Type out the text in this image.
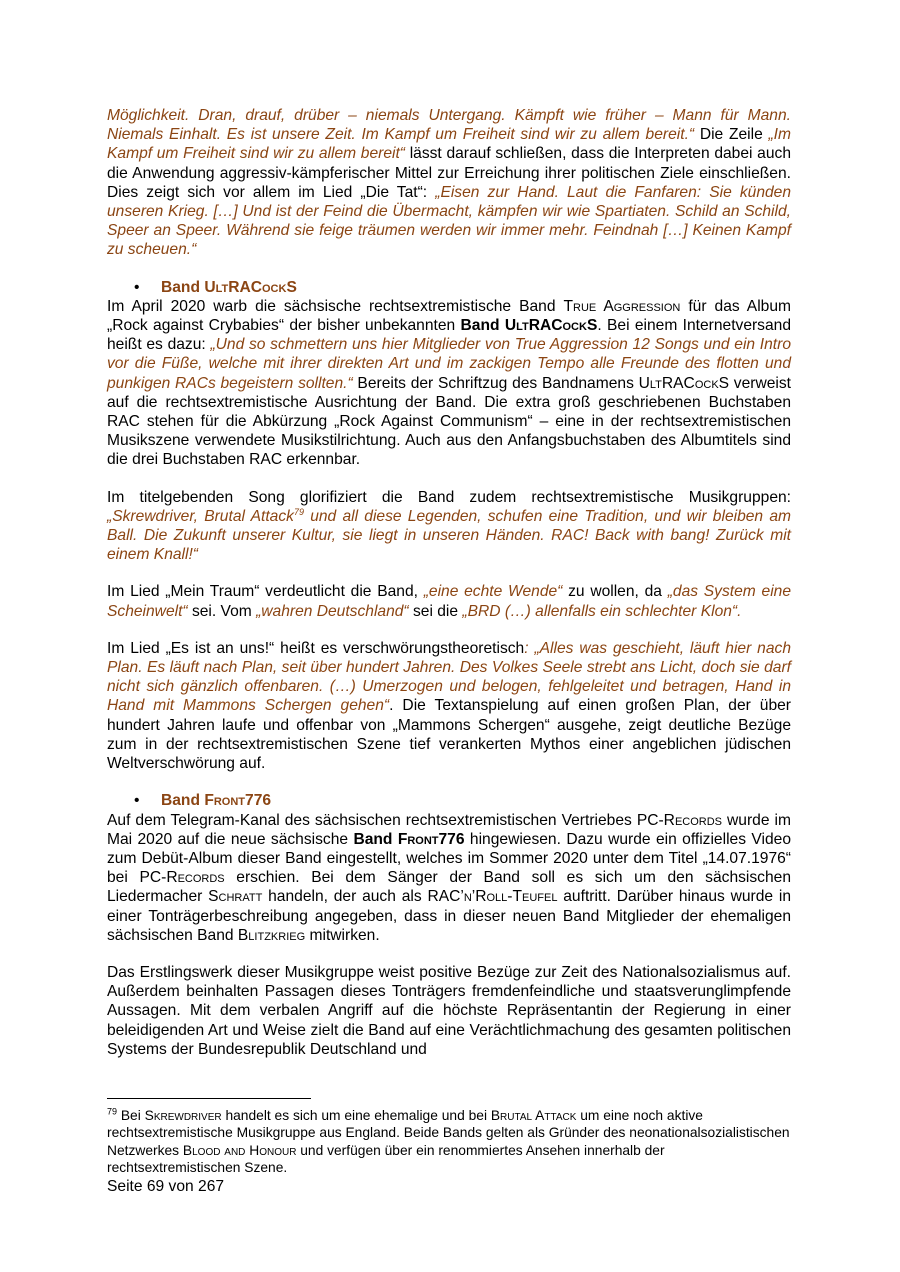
Möglichkeit. Dran, drauf, drüber – niemals Untergang. Kämpft wie früher – Mann für Mann. Niemals Einhalt. Es ist unsere Zeit. Im Kampf um Freiheit sind wir zu allem bereit.“ Die Zeile „Im Kampf um Freiheit sind wir zu allem bereit“ lässt darauf schließen, dass die Interpreten dabei auch die Anwendung aggressiv-kämpferischer Mittel zur Erreichung ihrer politischen Ziele einschließen. Dies zeigt sich vor allem im Lied „Die Tat“: „Eisen zur Hand. Laut die Fanfaren: Sie künden unseren Krieg. […] Und ist der Feind die Übermacht, kämpfen wir wie Spartiaten. Schild an Schild, Speer an Speer. Während sie feige träumen werden wir immer mehr. Feindnah […] Keinen Kampf zu scheuen.“

• Band UltRACockS

Im April 2020 warb die sächsische rechtsextremistische Band True Aggression für das Album „Rock against Crybabies“ der bisher unbekannten Band UltRACockS. Bei einem Internetversand heißt es dazu: „Und so schmettern uns hier Mitglieder von True Aggression 12 Songs und ein Intro vor die Füße, welche mit ihrer direkten Art und im zackigen Tempo alle Freunde des flotten und punkigen RACs begeistern sollten.“ Bereits der Schriftzug des Bandnamens UltRACockS verweist auf die rechtsextremistische Ausrichtung der Band. Die extra groß geschriebenen Buchstaben RAC stehen für die Abkürzung „Rock Against Communism“ – eine in der rechtsextremistischen Musikszene verwendete Musikstilrichtung. Auch aus den Anfangsbuchstaben des Albumtitels sind die drei Buchstaben RAC erkennbar.

Im titelgebenden Song glorifiziert die Band zudem rechtsextremistische Musikgruppen: „Skrewdriver, Brutal Attack$^{79}$ und all diese Legenden, schufen eine Tradition, und wir bleiben am Ball. Die Zukunft unserer Kultur, sie liegt in unseren Händen. RAC! Back with bang! Zurück mit einem Knall!“

Im Lied „Mein Traum“ verdeutlicht die Band, „eine echte Wende“ zu wollen, da „das System eine Scheinwelt“ sei. Vom „wahren Deutschland“ sei die „BRD (…) allenfalls ein schlechter Klon“.

Im Lied „Es ist an uns!“ heißt es verschwörungstheoretisch: „Alles was geschieht, läuft hier nach Plan. Es läuft nach Plan, seit über hundert Jahren. Des Volkes Seele strebt ans Licht, doch sie darf nicht sich gänzlich offenbaren. (…) Umerzogen und belogen, fehlgeleitet und betragen, Hand in Hand mit Mammons Schergen gehen“. Die Textanspielung auf einen großen Plan, der über hundert Jahren laufe und offenbar von „Mammons Schergen“ ausgehe, zeigt deutliche Bezüge zum in der rechtsextremistischen Szene tief verankerten Mythos einer angeblichen jüdischen Weltverschwörung auf.

• Band Front776

Auf dem Telegram-Kanal des sächsischen rechtsextremistischen Vertriebes PC-Records wurde im Mai 2020 auf die neue sächsische Band Front776 hingewiesen. Dazu wurde ein offizielles Video zum Debüt-Album dieser Band eingestellt, welches im Sommer 2020 unter dem Titel „14.07.1976“ bei PC-Records erschien. Bei dem Sänger der Band soll es sich um den sächsischen Liedermacher Schratt handeln, der auch als RAC’n’Roll-Teufel auftritt. Darüber hinaus wurde in einer Tonträgerbeschreibung angegeben, dass in dieser neuen Band Mitglieder der ehemaligen sächsischen Band Blitzkrieg mitwirken.

Das Erstlingswerk dieser Musikgruppe weist positive Bezüge zur Zeit des Nationalsozialismus auf. Außerdem beinhalten Passagen dieses Tonträgers fremdenfeindliche und staatsverunglimpfende Aussagen. Mit dem verbalen Angriff auf die höchste Repräsentantin der Regierung in einer beleidigenden Art und Weise zielt die Band auf eine Verächtlichmachung des gesamten politischen Systems der Bundesrepublik Deutschland und

$^{79}$ Bei Skrewdriver handelt es sich um eine ehemalige und bei Brutal Attack um eine noch aktive rechtsextremistische Musikgruppe aus England. Beide Bands gelten als Gründer des neonationalsozialistischen Netzwerkes Blood and Honour und verfügen über ein renommiertes Ansehen innerhalb der rechtsextremistischen Szene.
Seite 69 von 267
